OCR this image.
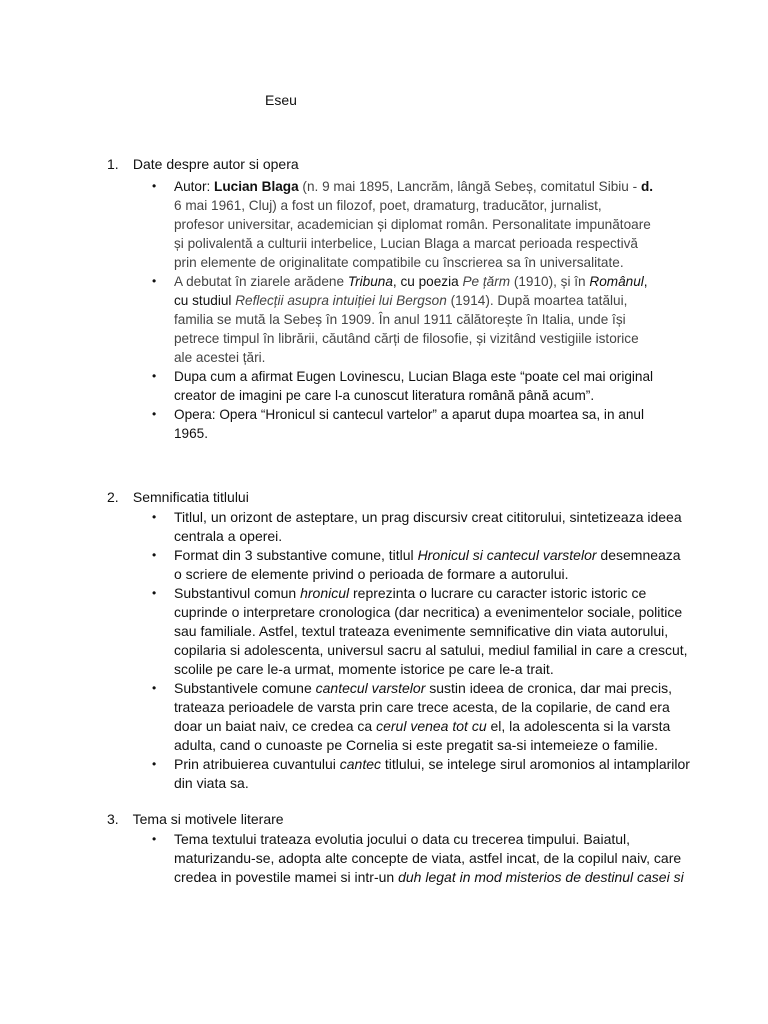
Eseu
1. Date despre autor si opera
• Autor: Lucian Blaga (n. 9 mai 1895, Lancrăm, lângă Sebeș, comitatul Sibiu - d. 6 mai 1961, Cluj) a fost un filozof, poet, dramaturg, traducător, jurnalist, profesor universitar, academician și diplomat român. Personalitate impunătoare și polivalentă a culturii interbelice, Lucian Blaga a marcat perioada respectivă prin elemente de originalitate compatibile cu înscrierea sa în universalitate.
• A debutat în ziarele arădene Tribuna, cu poezia Pe țărm (1910), și în Românul, cu studiul Reflecții asupra intuiției lui Bergson (1914). După moartea tatălui, familia se mută la Sebeș în 1909. În anul 1911 călătorește în Italia, unde își petrece timpul în librării, căutând cărți de filosofie, și vizitând vestigiile istorice ale acestei țări.
• Dupa cum a afirmat Eugen Lovinescu, Lucian Blaga este “poate cel mai original creator de imagini pe care l-a cunoscut literatura română până acum”.
• Opera: Opera “Hronicul si cantecul vartelor” a aparut dupa moartea sa, in anul 1965.
2. Semnificatia titlului
• Titlul, un orizont de asteptare, un prag discursiv creat cititorului, sintetizeaza ideea centrala a operei.
• Format din 3 substantive comune, titlul Hronicul si cantecul varstelor desemneaza o scriere de elemente privind o perioada de formare a autorului.
• Substantivul comun hronicul reprezinta o lucrare cu caracter istoric istoric ce cuprinde o interpretare cronologica (dar necritica) a evenimentelor sociale, politice sau familiale. Astfel, textul trateaza evenimente semnificative din viata autorului, copilaria si adolescenta, universul sacru al satului, mediul familial in care a crescut, scolile pe care le-a urmat, momente istorice pe care le-a trait.
• Substantivele comune cantecul varstelor sustin ideea de cronica, dar mai precis, trateaza perioadele de varsta prin care trece acesta, de la copilarie, de cand era doar un baiat naiv, ce credea ca cerul venea tot cu el, la adolescenta si la varsta adulta, cand o cunoaste pe Cornelia si este pregatit sa-si intemeieze o familie.
• Prin atribuierea cuvantului cantec titlului, se intelege sirul aromonios al intamplarilor din viata sa.
3. Tema si motivele literare
• Tema textului trateaza evolutia jocului o data cu trecerea timpului. Baiatul, maturizandu-se, adopta alte concepte de viata, astfel incat, de la copilul naiv, care credea in povestile mamei si intr-un duh legat in mod misterios de destinul casei si
